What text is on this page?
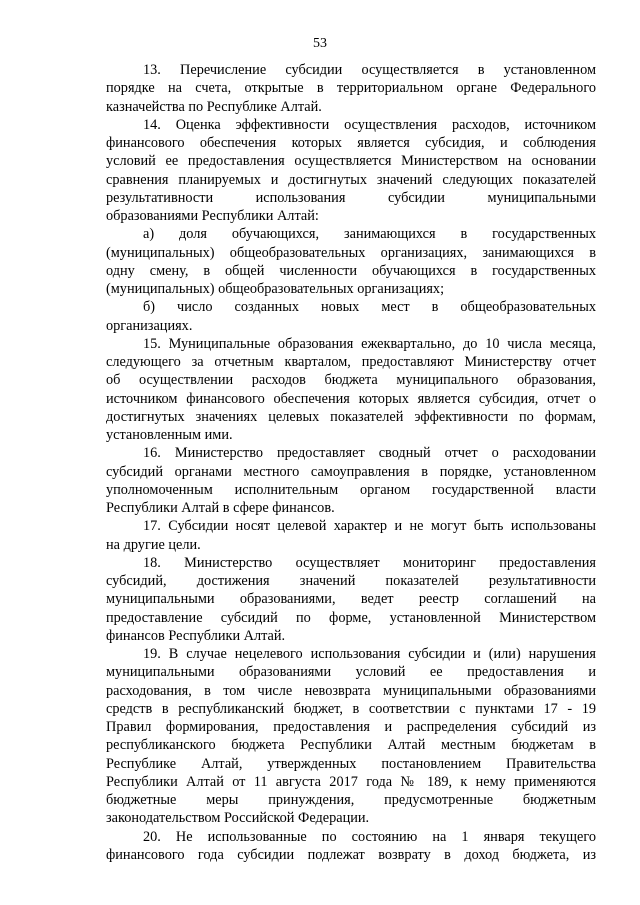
53
13. Перечисление субсидии осуществляется в установленном
порядке на счета, открытые в территориальном органе Федерального
казначейства по Республике Алтай.
14. Оценка эффективности осуществления расходов, источником
финансового обеспечения которых является субсидия, и соблюдения
условий ее предоставления осуществляется Министерством на основании
сравнения планируемых и достигнутых значений следующих показателей
результативности использования субсидии муниципальными
образованиями Республики Алтай:
а) доля обучающихся, занимающихся в государственных
(муниципальных) общеобразовательных организациях, занимающихся в
одну смену, в общей численности обучающихся в государственных
(муниципальных) общеобразовательных организациях;
б) число созданных новых мест в общеобразовательных
организациях.
15. Муниципальные образования ежеквартально, до 10 числа месяца,
следующего за отчетным кварталом, предоставляют Министерству отчет
об осуществлении расходов бюджета муниципального образования,
источником финансового обеспечения которых является субсидия, отчет о
достигнутых значениях целевых показателей эффективности по формам,
установленным ими.
16. Министерство предоставляет сводный отчет о расходовании
субсидий органами местного самоуправления в порядке, установленном
уполномоченным исполнительным органом государственной власти
Республики Алтай в сфере финансов.
17. Субсидии носят целевой характер и не могут быть использованы
на другие цели.
18. Министерство осуществляет мониторинг предоставления
субсидий, достижения значений показателей результативности
муниципальными образованиями, ведет реестр соглашений на
предоставление субсидий по форме, установленной Министерством
финансов Республики Алтай.
19. В случае нецелевого использования субсидии и (или) нарушения
муниципальными образованиями условий ее предоставления и
расходования, в том числе невозврата муниципальными образованиями
средств в республиканский бюджет, в соответствии с пунктами 17 - 19
Правил формирования, предоставления и распределения субсидий из
республиканского бюджета Республики Алтай местным бюджетам в
Республике Алтай, утвержденных постановлением Правительства
Республики Алтай от 11 августа 2017 года № 189, к нему применяются
бюджетные меры принуждения, предусмотренные бюджетным
законодательством Российской Федерации.
20. Не использованные по состоянию на 1 января текущего
финансового года субсидии подлежат возврату в доход бюджета, из
